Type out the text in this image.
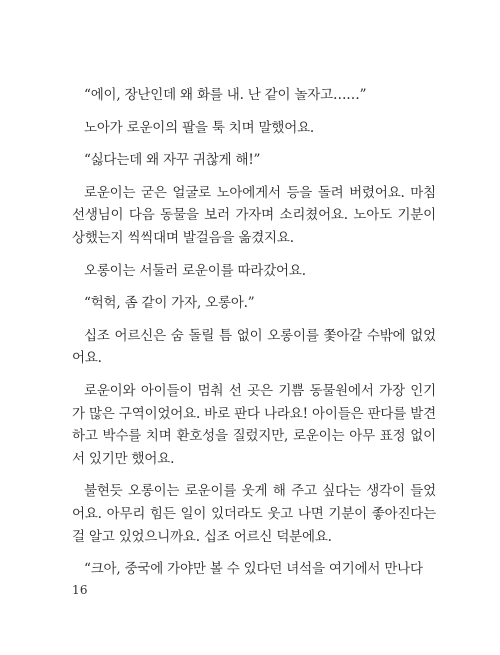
“에이, 장난인데 왜 화를 내. 난 같이 놀자고……”

노아가 로운이의 팔을 툭 치며 말했어요.

“싫다는데 왜 자꾸 귀찮게 해!”

로운이는 굳은 얼굴로 노아에게서 등을 돌려 버렸어요. 마침 선생님이 다음 동물을 보러 가자며 소리쳤어요. 노아도 기분이 상했는지 씩씩대며 발걸음을 옮겼지요.

오롱이는 서둘러 로운이를 따라갔어요.

“헉헉, 좀 같이 가자, 오롱아.”

십조 어르신은 숨 돌릴 틈 없이 오롱이를 쫓아갈 수밖에 없었어요.

로운이와 아이들이 멈춰 선 곳은 기쁨 동물원에서 가장 인기가 많은 구역이었어요. 바로 판다 나라요! 아이들은 판다를 발견하고 박수를 치며 환호성을 질렀지만, 로운이는 아무 표정 없이 서 있기만 했어요.

불현듯 오롱이는 로운이를 웃게 해 주고 싶다는 생각이 들었어요. 아무리 힘든 일이 있더라도 웃고 나면 기분이 좋아진다는 걸 알고 있었으니까요. 십조 어르신 덕분에요.

“크아, 중국에 가야만 볼 수 있다던 녀석을 여기에서 만나다

16
